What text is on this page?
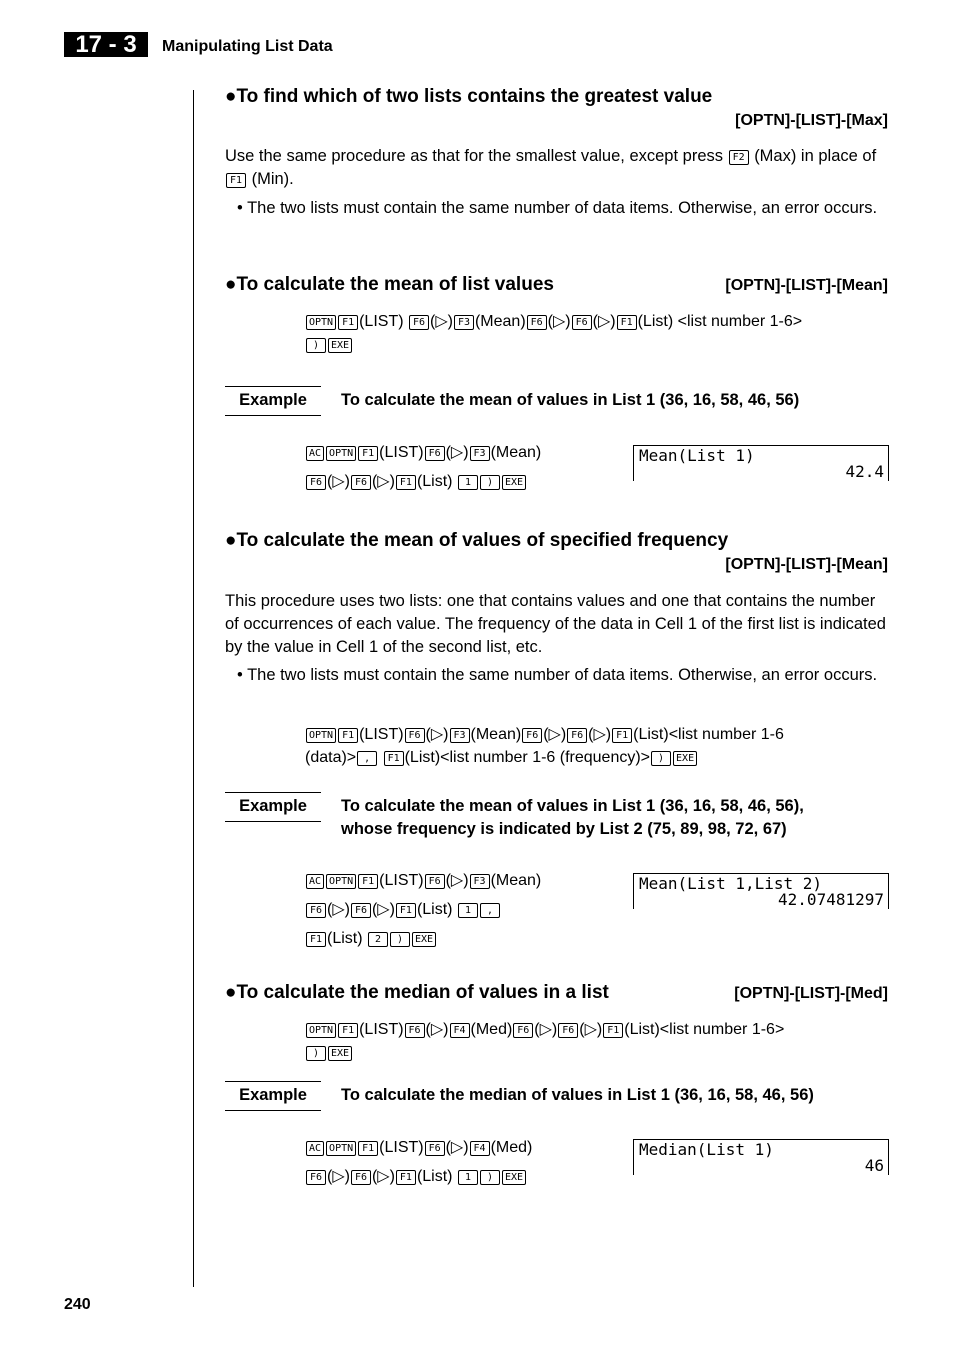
17 - 3	Manipulating List Data
●To find which of two lists contains the greatest value
[OPTN]-[LIST]-[Max]
Use the same procedure as that for the smallest value, except press F2 (Max) in place of F1 (Min).
• The two lists must contain the same number of data items. Otherwise, an error occurs.
●To calculate the mean of list values	[OPTN]-[LIST]-[Mean]
OPTN F1 (LIST) F6 (▷) F3 (Mean) F6 (▷) F6 (▷) F1 (List) <list number 1-6>
) EXE
Example	To calculate the mean of values in List 1 (36, 16, 58, 46, 56)
AC OPTN F1 (LIST) F6 (▷) F3 (Mean)
F6 (▷) F6 (▷) F1 (List) 1 ) EXE
Mean(List 1)
42.4
●To calculate the mean of values of specified frequency
[OPTN]-[LIST]-[Mean]
This procedure uses two lists: one that contains values and one that contains the number of occurrences of each value. The frequency of the data in Cell 1 of the first list is indicated by the value in Cell 1 of the second list, etc.
• The two lists must contain the same number of data items. Otherwise, an error occurs.
OPTN F1 (LIST) F6 (▷) F3 (Mean) F6 (▷) F6 (▷) F1 (List)<list number 1-6
(data)> , F1 (List)<list number 1-6 (frequency)> ) EXE
Example	To calculate the mean of values in List 1 (36, 16, 58, 46, 56),
whose frequency is indicated by List 2 (75, 89, 98, 72, 67)
AC OPTN F1 (LIST) F6 (▷) F3 (Mean)
F6 (▷) F6 (▷) F1 (List) 1 ,
F1 (List) 2 ) EXE
Mean(List 1,List 2)
42.07481297
●To calculate the median of values in a list	[OPTN]-[LIST]-[Med]
OPTN F1 (LIST) F6 (▷) F4 (Med) F6 (▷) F6 (▷) F1 (List)<list number 1-6>
) EXE
Example	To calculate the median of values in List 1 (36, 16, 58, 46, 56)
AC OPTN F1 (LIST) F6 (▷) F4 (Med)
F6 (▷) F6 (▷) F1 (List) 1 ) EXE
Median(List 1)
46
240
